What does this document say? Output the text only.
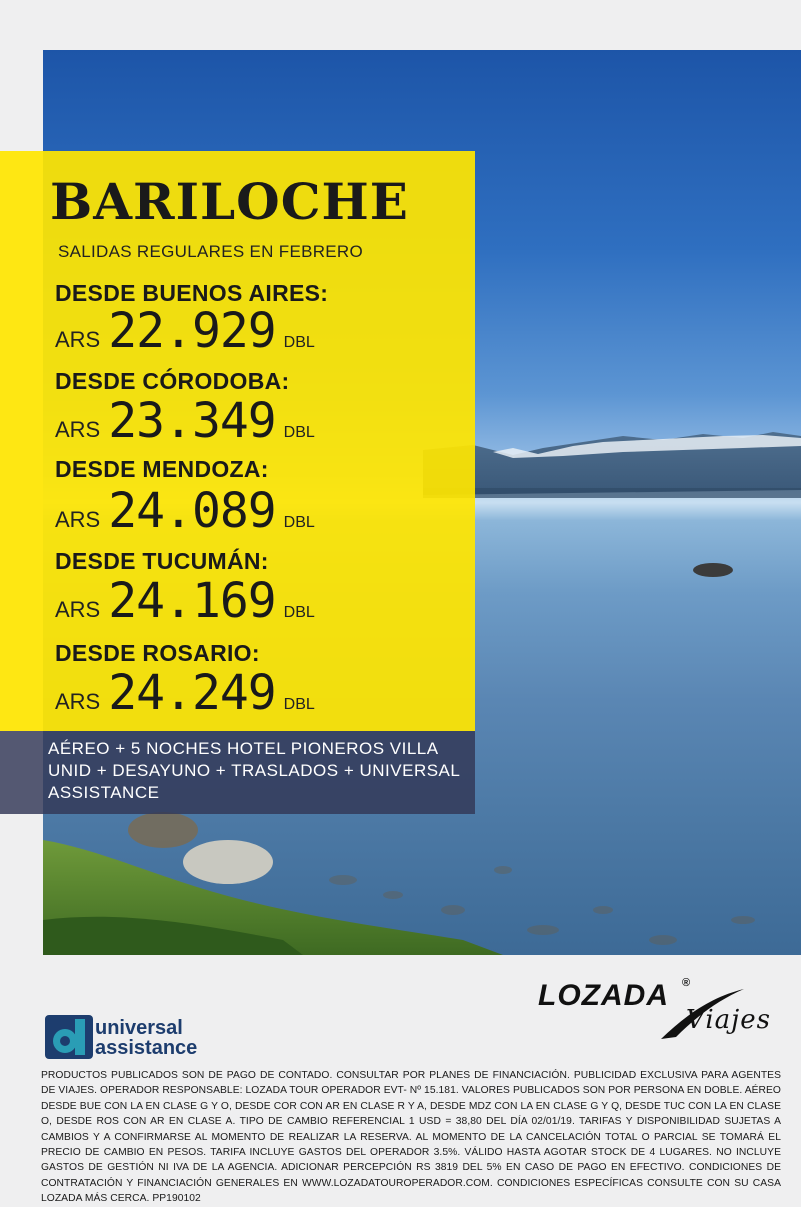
BARILOCHE
SALIDAS REGULARES EN FEBRERO
DESDE BUENOS AIRES:
ARS 22.929 DBL
DESDE CÓRODOBA:
ARS 23.349 DBL
DESDE MENDOZA:
ARS 24.089 DBL
DESDE TUCUMÁN:
ARS 24.169 DBL
DESDE ROSARIO:
ARS 24.249 DBL
AÉREO + 5 NOCHES HOTEL PIONEROS VILLA UNID + DESAYUNO + TRASLADOS + UNIVERSAL ASSISTANCE
LOZADA ®
Viajes
universal
assistance
PRODUCTOS PUBLICADOS SON DE PAGO DE CONTADO. CONSULTAR POR PLANES DE FINANCIACIÓN. PUBLICIDAD EXCLUSIVA PARA AGENTES DE VIAJES. OPERADOR RESPONSABLE: LOZADA TOUR OPERADOR EVT- Nº 15.181. VALORES PUBLICADOS SON POR PERSONA EN DOBLE. AÉREO DESDE BUE CON LA EN CLASE G Y O, DESDE COR CON AR EN CLASE R Y A, DESDE MDZ CON LA EN CLASE G Y Q, DESDE TUC CON LA EN CLASE O, DESDE ROS CON AR EN CLASE A. TIPO DE CAMBIO REFERENCIAL 1 USD = 38,80 DEL DÍA 02/01/19. TARIFAS Y DISPONIBILIDAD SUJETAS A CAMBIOS Y A CONFIRMARSE AL MOMENTO DE REALIZAR LA RESERVA. AL MOMENTO DE LA CANCELACIÓN TOTAL O PARCIAL SE TOMARÁ EL PRECIO DE CAMBIO EN PESOS. TARIFA INCLUYE GASTOS DEL OPERADOR 3.5%. VÁLIDO HASTA AGOTAR STOCK DE 4 LUGARES. NO INCLUYE GASTOS DE GESTIÓN NI IVA DE LA AGENCIA. ADICIONAR PERCEPCIÓN RS 3819 DEL 5% EN CASO DE PAGO EN EFECTIVO. CONDICIONES DE CONTRATACIÓN Y FINANCIACIÓN GENERALES EN WWW.LOZADATOUROPERADOR.COM. CONDICIONES ESPECÍFICAS CONSULTE CON SU CASA LOZADA MÁS CERCA. PP190102
